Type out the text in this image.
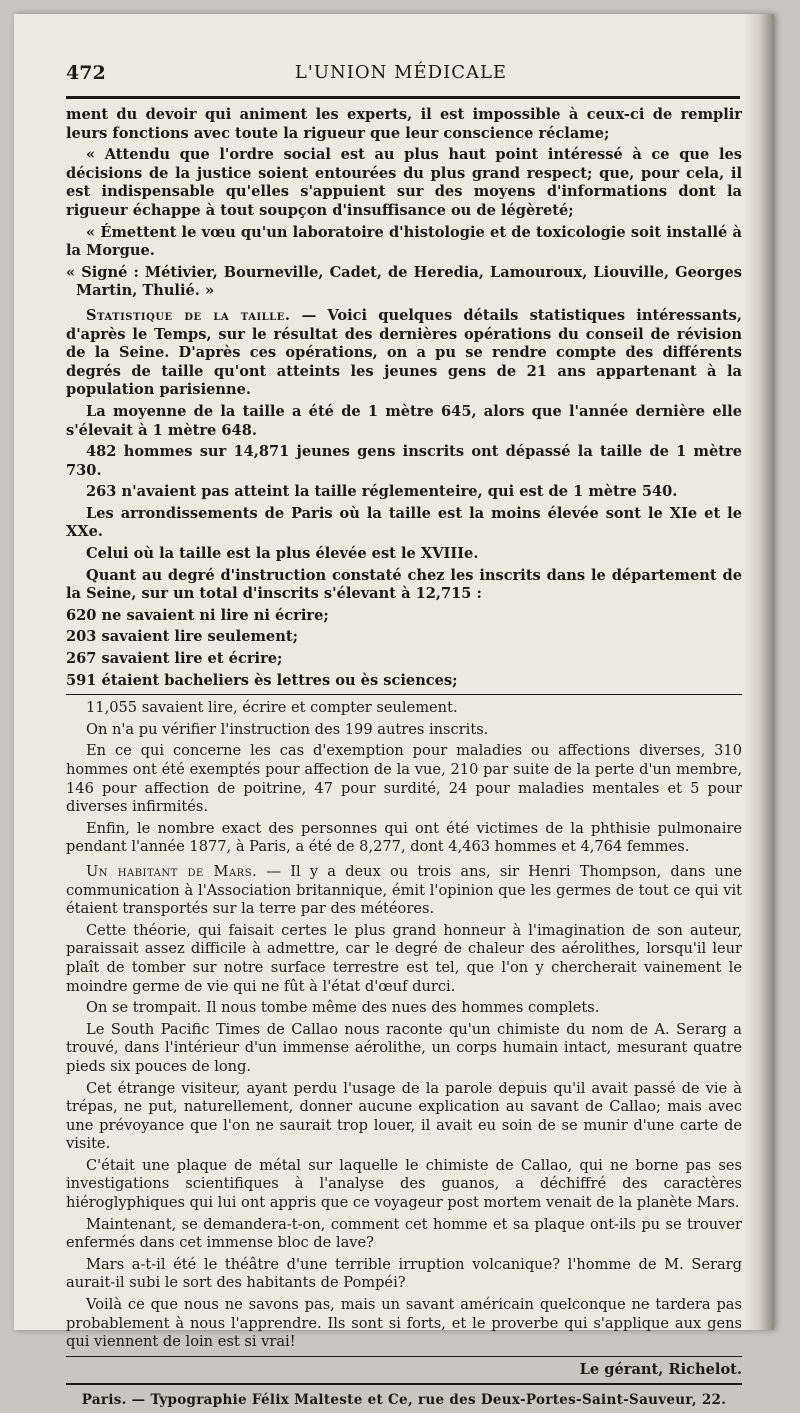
472	L'UNION MÉDICALE

ment du devoir qui animent les experts, il est impossible à ceux-ci de remplir leurs fonctions avec toute la rigueur que leur conscience réclame;

« Attendu que l'ordre social est au plus haut point intéressé à ce que les décisions de la justice soient entourées du plus grand respect; que, pour cela, il est indispensable qu'elles s'appuient sur des moyens d'informations dont la rigueur échappe à tout soupçon d'insuffisance ou de légèreté;

« Émettent le vœu qu'un laboratoire d'histologie et de toxicologie soit installé à la Morgue.

« Signé : Métivier, Bourneville, Cadet, de Heredia, Lamouroux, Liouville, Georges Martin, Thulié. »

Statistique de la taille. — Voici quelques détails statistiques intéressants, d'après le Temps, sur le résultat des dernières opérations du conseil de révision de la Seine. D'après ces opérations, on a pu se rendre compte des différents degrés de taille qu'ont atteints les jeunes gens de 21 ans appartenant à la population parisienne.

La moyenne de la taille a été de 1 mètre 645, alors que l'année dernière elle s'élevait à 1 mètre 648.

482 hommes sur 14,871 jeunes gens inscrits ont dépassé la taille de 1 mètre 730.

263 n'avaient pas atteint la taille réglementeire, qui est de 1 mètre 540.

Les arrondissements de Paris où la taille est la moins élevée sont le XIe et le XXe.

Celui où la taille est la plus élevée est le XVIIIe.

Quant au degré d'instruction constaté chez les inscrits dans le département de la Seine, sur un total d'inscrits s'élevant à 12,715 :

620 ne savaient ni lire ni écrire;

203 savaient lire seulement;

267 savaient lire et écrire;

591 étaient bacheliers ès lettres ou ès sciences;

11,055 savaient lire, écrire et compter seulement.

On n'a pu vérifier l'instruction des 199 autres inscrits.

En ce qui concerne les cas d'exemption pour maladies ou affections diverses, 310 hommes ont été exemptés pour affection de la vue, 210 par suite de la perte d'un membre, 146 pour affection de poitrine, 47 pour surdité, 24 pour maladies mentales et 5 pour diverses infirmités.

Enfin, le nombre exact des personnes qui ont été victimes de la phthisie pulmonaire pendant l'année 1877, à Paris, a été de 8,277, dont 4,463 hommes et 4,764 femmes.

Un habitant de Mars. — Il y a deux ou trois ans, sir Henri Thompson, dans une communication à l'Association britannique, émit l'opinion que les germes de tout ce qui vit étaient transportés sur la terre par des météores.

Cette théorie, qui faisait certes le plus grand honneur à l'imagination de son auteur, paraissait assez difficile à admettre, car le degré de chaleur des aérolithes, lorsqu'il leur plaît de tomber sur notre surface terrestre est tel, que l'on y chercherait vainement le moindre germe de vie qui ne fût à l'état d'œuf durci.

On se trompait. Il nous tombe même des nues des hommes complets.

Le South Pacific Times de Callao nous raconte qu'un chimiste du nom de A. Serarg a trouvé, dans l'intérieur d'un immense aérolithe, un corps humain intact, mesurant quatre pieds six pouces de long.

Cet étrange visiteur, ayant perdu l'usage de la parole depuis qu'il avait passé de vie à trépas, ne put, naturellement, donner aucune explication au savant de Callao; mais avec une prévoyance que l'on ne saurait trop louer, il avait eu soin de se munir d'une carte de visite.

C'était une plaque de métal sur laquelle le chimiste de Callao, qui ne borne pas ses investigations scientifiques à l'analyse des guanos, a déchiffré des caractères hiéroglyphiques qui lui ont appris que ce voyageur post mortem venait de la planète Mars.

Maintenant, se demandera-t-on, comment cet homme et sa plaque ont-ils pu se trouver enfermés dans cet immense bloc de lave?

Mars a-t-il été le théâtre d'une terrible irruption volcanique? l'homme de M. Serarg aurait-il subi le sort des habitants de Pompéi?

Voilà ce que nous ne savons pas, mais un savant américain quelconque ne tardera pas probablement à nous l'apprendre. Ils sont si forts, et le proverbe qui s'applique aux gens qui viennent de loin est si vrai!

Le gérant, Richelot.

Paris. — Typographie Félix Malteste et Ce, rue des Deux-Portes-Saint-Sauveur, 22.
